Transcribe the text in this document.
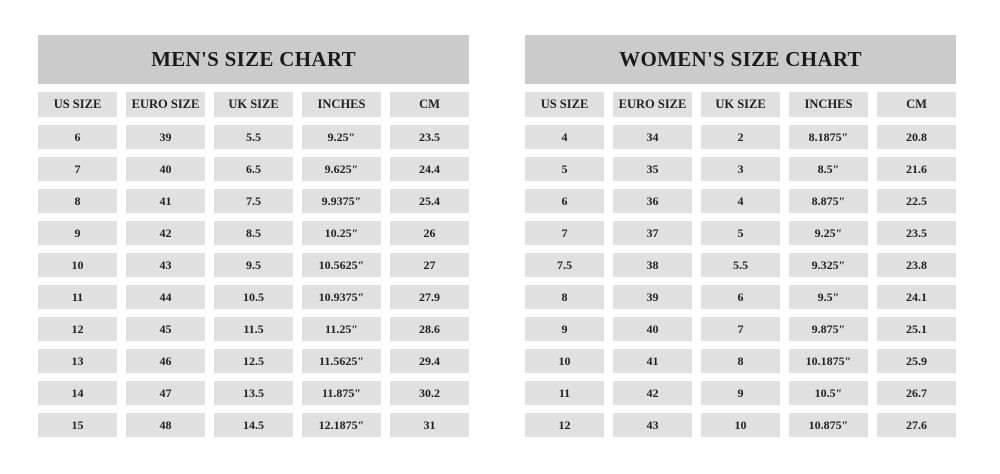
MEN'S SIZE CHART
US SIZE	EURO SIZE	UK SIZE	INCHES	CM
6	39	5.5	9.25″	23.5
7	40	6.5	9.625″	24.4
8	41	7.5	9.9375″	25.4
9	42	8.5	10.25″	26
10	43	9.5	10.5625″	27
11	44	10.5	10.9375″	27.9
12	45	11.5	11.25″	28.6
13	46	12.5	11.5625″	29.4
14	47	13.5	11.875″	30.2
15	48	14.5	12.1875″	31
WOMEN'S SIZE CHART
US SIZE	EURO SIZE	UK SIZE	INCHES	CM
4	34	2	8.1875″	20.8
5	35	3	8.5″	21.6
6	36	4	8.875″	22.5
7	37	5	9.25″	23.5
7.5	38	5.5	9.325″	23.8
8	39	6	9.5″	24.1
9	40	7	9.875″	25.1
10	41	8	10.1875″	25.9
11	42	9	10.5″	26.7
12	43	10	10.875″	27.6
